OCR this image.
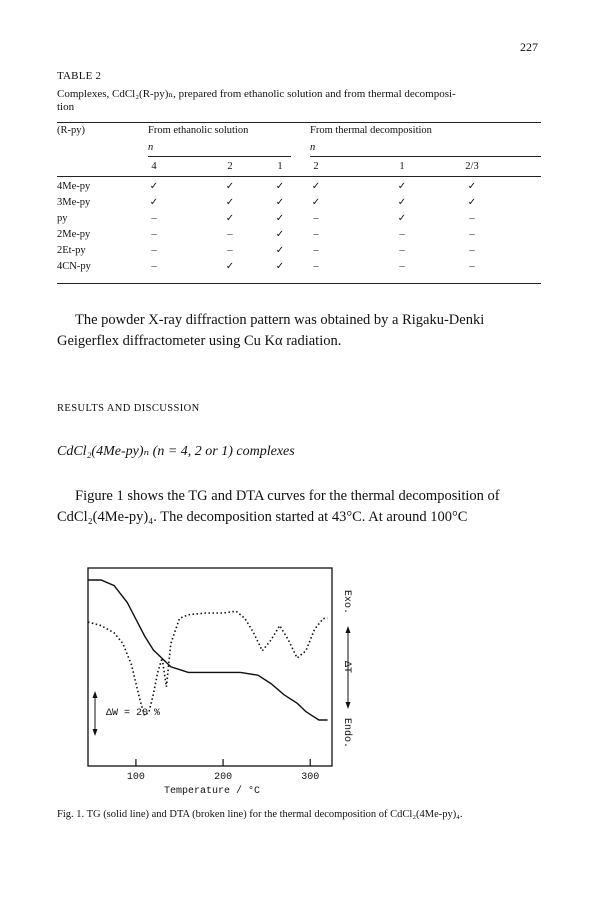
227
TABLE 2
Complexes, CdCl₂(R-py)ₙ, prepared from ethanolic solution and from thermal decomposi-
tion
(R-py)	From ethanolic solution	From thermal decomposition
n	n
4	2	1	2	1	2/3
4Me-py	✓	✓	✓	✓	✓	✓
3Me-py	✓	✓	✓	✓	✓	✓
py	–	✓	✓	–	✓	–
2Me-py	–	–	✓	–	–	–
2Et-py	–	–	✓	–	–	–
4CN-py	–	✓	✓	–	–	–
The powder X-ray diffraction pattern was obtained by a Rigaku-Denki
Geigerflex diffractometer using Cu Kα radiation.
RESULTS AND DISCUSSION
CdCl₂(4Me-py)ₙ (n = 4, 2 or 1) complexes
Figure 1 shows the TG and DTA curves for the thermal decomposition of
CdCl₂(4Me-py)₄. The decomposition started at 43°C. At around 100°C
100	200	300
ΔW = 20 %
Exo.
ΔT
Endo.
Temperature / °C
Fig. 1. TG (solid line) and DTA (broken line) for the thermal decomposition of CdCl₂(4Me-py)₄.
